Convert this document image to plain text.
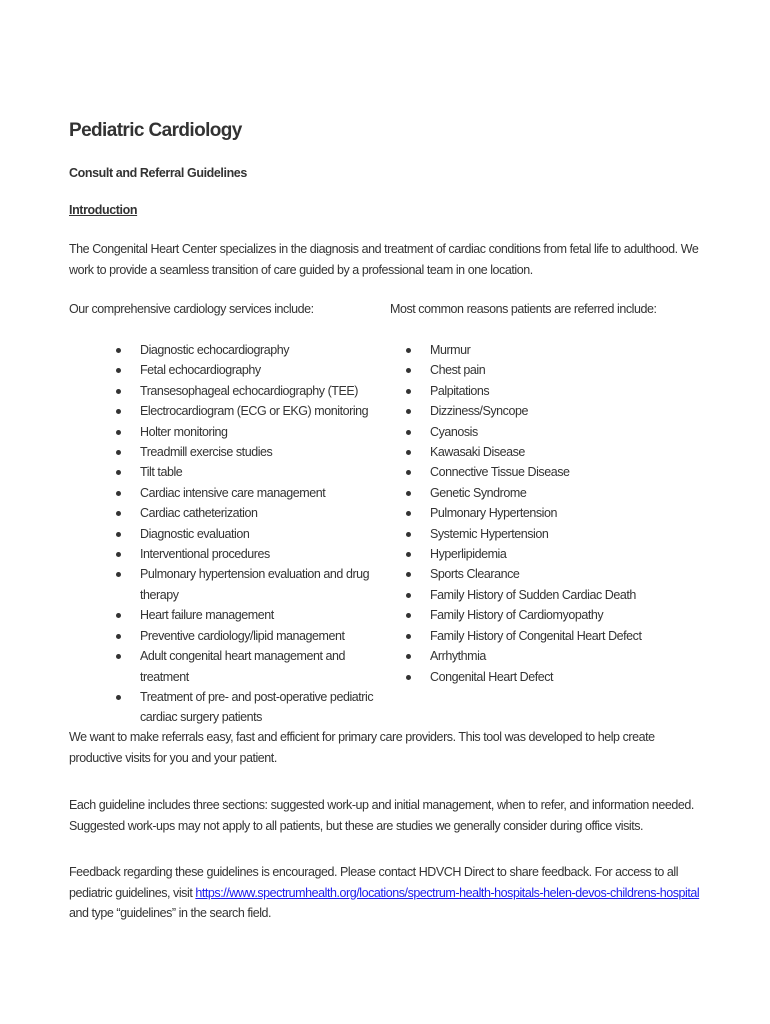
Pediatric Cardiology
Consult and Referral Guidelines
Introduction

The Congenital Heart Center specializes in the diagnosis and treatment of cardiac conditions from fetal life to adulthood. We work to provide a seamless transition of care guided by a professional team in one location.

Our comprehensive cardiology services include:	Most common reasons patients are referred include:

Diagnostic echocardiography
Fetal echocardiography
Transesophageal echocardiography (TEE)
Electrocardiogram (ECG or EKG) monitoring
Holter monitoring
Treadmill exercise studies
Tilt table
Cardiac intensive care management
Cardiac catheterization
Diagnostic evaluation
Interventional procedures
Pulmonary hypertension evaluation and drug therapy
Heart failure management
Preventive cardiology/lipid management
Adult congenital heart management and treatment
Treatment of pre- and post-operative pediatric cardiac surgery patients
Murmur
Chest pain
Palpitations
Dizziness/Syncope
Cyanosis
Kawasaki Disease
Connective Tissue Disease
Genetic Syndrome
Pulmonary Hypertension
Systemic Hypertension
Hyperlipidemia
Sports Clearance
Family History of Sudden Cardiac Death
Family History of Cardiomyopathy
Family History of Congenital Heart Defect
Arrhythmia
Congenital Heart Defect

We want to make referrals easy, fast and efficient for primary care providers. This tool was developed to help create productive visits for you and your patient.

Each guideline includes three sections: suggested work-up and initial management, when to refer, and information needed. Suggested work-ups may not apply to all patients, but these are studies we generally consider during office visits.

Feedback regarding these guidelines is encouraged. Please contact HDVCH Direct to share feedback. For access to all pediatric guidelines, visit https://www.spectrumhealth.org/locations/spectrum-health-hospitals-helen-devos-childrens-hospital and type “guidelines” in the search field.
